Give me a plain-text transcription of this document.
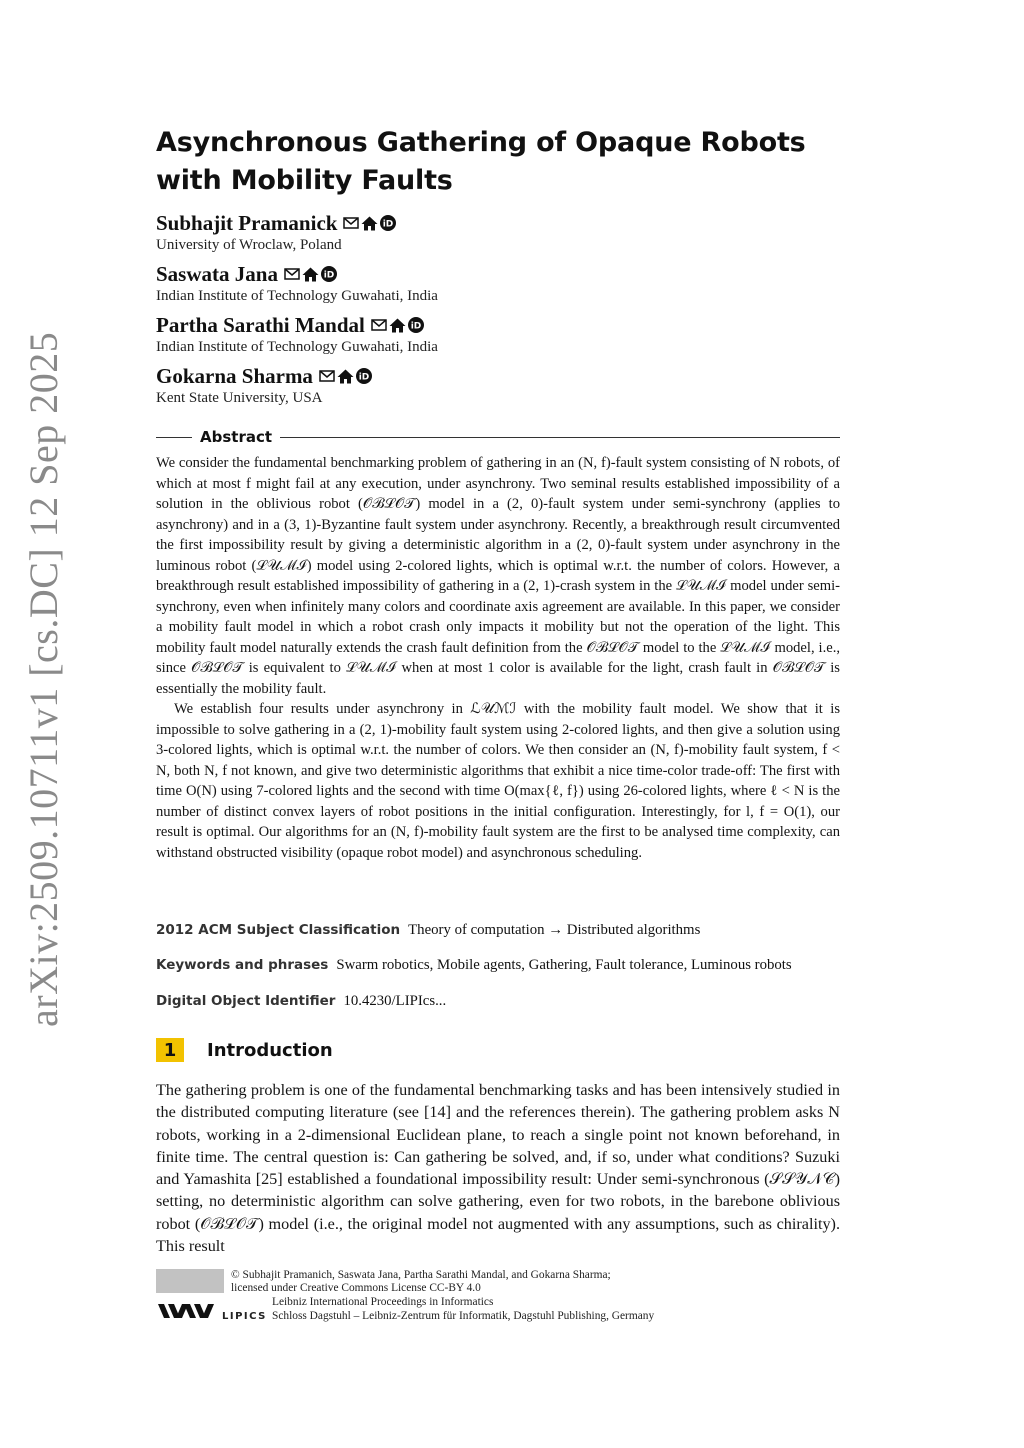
arXiv:2509.10711v1 [cs.DC] 12 Sep 2025
Asynchronous Gathering of Opaque Robots with Mobility Faults
Subhajit Pramanick	iD
University of Wroclaw, Poland
Saswata Jana	iD
Indian Institute of Technology Guwahati, India
Partha Sarathi Mandal	iD
Indian Institute of Technology Guwahati, India
Gokarna Sharma	iD
Kent State University, USA
Abstract

We consider the fundamental benchmarking problem of gathering in an (N, f)-fault system consisting of N robots, of which at most f might fail at any execution, under asynchrony. Two seminal results established impossibility of a solution in the oblivious robot (𝒪ℬℒ𝒪𝒯) model in a (2, 0)-fault system under semi-synchrony (applies to asynchrony) and in a (3, 1)-Byzantine fault system under asynchrony. Recently, a breakthrough result circumvented the first impossibility result by giving a deterministic algorithm in a (2, 0)-fault system under asynchrony in the luminous robot (ℒ𝒰ℳℐ) model using 2-colored lights, which is optimal w.r.t. the number of colors. However, a breakthrough result established impossibility of gathering in a (2, 1)-crash system in the ℒ𝒰ℳℐ model under semi-synchrony, even when infinitely many colors and coordinate axis agreement are available. In this paper, we consider a mobility fault model in which a robot crash only impacts it mobility but not the operation of the light. This mobility fault model naturally extends the crash fault definition from the 𝒪ℬℒ𝒪𝒯 model to the ℒ𝒰ℳℐ model, i.e., since 𝒪ℬℒ𝒪𝒯 is equivalent to ℒ𝒰ℳℐ when at most 1 color is available for the light, crash fault in 𝒪ℬℒ𝒪𝒯 is essentially the mobility fault.

We establish four results under asynchrony in ℒ𝒰ℳℐ with the mobility fault model. We show that it is impossible to solve gathering in a (2, 1)-mobility fault system using 2-colored lights, and then give a solution using 3-colored lights, which is optimal w.r.t. the number of colors. We then consider an (N, f)-mobility fault system, f < N, both N, f not known, and give two deterministic algorithms that exhibit a nice time-color trade-off: The first with time O(N) using 7-colored lights and the second with time O(max{ℓ, f}) using 26-colored lights, where ℓ < N is the number of distinct convex layers of robot positions in the initial configuration. Interestingly, for l, f = O(1), our result is optimal. Our algorithms for an (N, f)-mobility fault system are the first to be analysed time complexity, can withstand obstructed visibility (opaque robot model) and asynchronous scheduling.

2012 ACM Subject Classification Theory of computation → Distributed algorithms
Keywords and phrases Swarm robotics, Mobile agents, Gathering, Fault tolerance, Luminous robots
Digital Object Identifier 10.4230/LIPIcs...
1	Introduction

The gathering problem is one of the fundamental benchmarking tasks and has been intensively studied in the distributed computing literature (see [14] and the references therein). The gathering problem asks N robots, working in a 2-dimensional Euclidean plane, to reach a single point not known beforehand, in finite time. The central question is: Can gathering be solved, and, if so, under what conditions? Suzuki and Yamashita [25] established a foundational impossibility result: Under semi-synchronous (𝒮𝒮𝒴𝒩𝒞) setting, no deterministic algorithm can solve gathering, even for two robots, in the barebone oblivious robot (𝒪ℬℒ𝒪𝒯) model (i.e., the original model not augmented with any assumptions, such as chirality). This result

© Subhajit Pramanich, Saswata Jana, Partha Sarathi Mandal, and Gokarna Sharma;
licensed under Creative Commons License CC-BY 4.0
Leibniz International Proceedings in Informatics
Schloss Dagstuhl – Leibniz-Zentrum für Informatik, Dagstuhl Publishing, Germany
LIPICS
